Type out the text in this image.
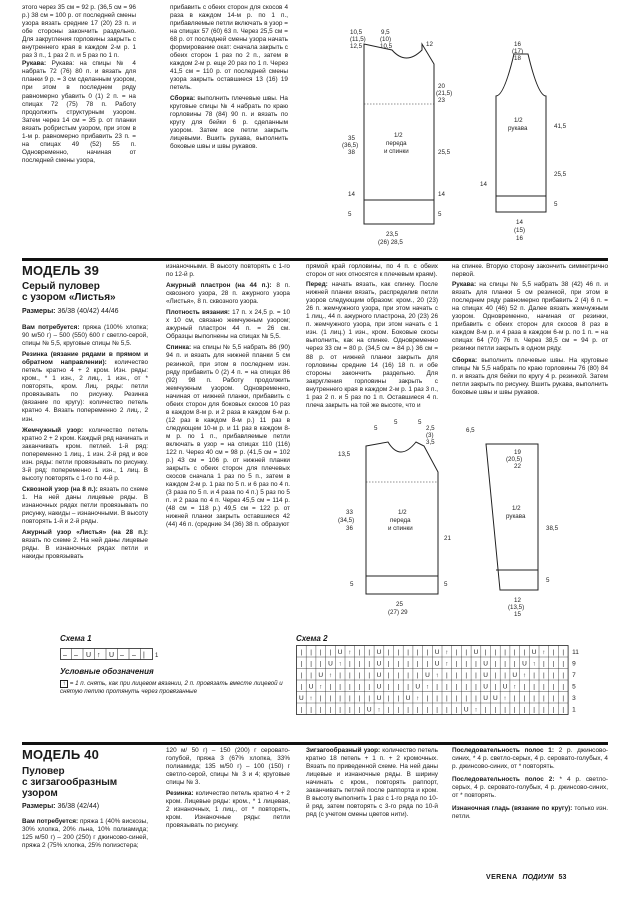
этого через 35 см = 92 р. (36,5 см = 96 р.) 38 см = 100 р. от последней смены узора вязать средние 17 (20) 23 п. и обе стороны закончить раздельно. Для закругления горловины закрыть с внутреннего края в каждом 2-м р. 1 раз 3 п., 1 раз 2 п. и 5 раз по 1 п.

Рукава: Рукава: на спицы № 4 набрать 72 (76) 80 п. и вязать для планки 9 р. = 3 см сделанным узором, при этом в последнем ряду равномерно убавить 0 (1) 2 п. = на спицах 72 (75) 78 п. Работу продолжить структурным узором. Затем через 14 см = 35 р. от планки вязать робристым узором, при этом в 1-м р. равномерно прибавить 23 п. = на спицах 49 (52) 55 п. Одновременно, начиная от последней смены узора,

прибавить с обеих сторон для скосов 4 раза в каждом 14-м р. по 1 п., прибавляемые петли включать в узор = на спицах 57 (60) 63 п. Через 25,5 см = 68 р. от последней смены узора начать формирование окат: сначала закрыть с обеих сторон 1 раз по 2 п., затем в каждом 2-м р. еще 20 раз по 1 п. Через 41,5 см = 110 р. от последней смены узора закрыть оставшиеся 13 (16) 19 петель.

Сборка: выполнить плечевые швы. На круговые спицы № 4 набрать по краю горловины 78 (84) 90 п. и вязать по кругу для бейки 6 р. сделанным узором. Затем все петли закрыть лицевыми. Вшить рукава, выполнить боковые швы и швы рукавов.

10,5
(11,5)
12,5
9,5
(10)
10,5	12
20
(21,5)
23
35
(36,5)
38
1/2
переда
и спинки	25,5
14	14
23,5
(26) 28,5
5	5
16
(17)
18
1/2
рукава	41,5
25,5
14
5
14
(15)
16
МОДЕЛЬ 39
Серый пуловер
с узором «Листья»
Размеры: 36/38 (40/42) 44/46

Вам потребуется: пряжа (100% хлопка; 90 м/50 г) – 500 (550) 600 г светло-серой, спицы № 5,5, круговые спицы № 5,5.

Резинка (вязание рядами в прямом и обратном направлении): количество петель кратно 4 + 2 кром. Изн. ряды: кром., * 1 изн., 2 лиц., 1 изн., от * повторять, кром. Лиц. ряды: петли провязывать по рисунку. Резинка (вязание по кругу): количество петель кратно 4. Вязать попеременно 2 лиц., 2 изн.

Жемчужный узор: количество петель кратно 2 + 2 кром. Каждый ряд начинать и заканчивать кром. петлей. 1-й ряд: попеременно 1 лиц., 1 изн. 2-й ряд и все изн. ряды: петли провязывать по рисунку. 3-й ряд: попеременно 1 изн., 1 лиц. В высоту повторять с 1-го по 4-й р.

Сквозной узор (на 8 п.): вязать по схеме 1. На ней даны лицевые ряды. В изнаночных рядах петли провязывать по рисунку, накиды – изнаночными. В высоту повторять 1-й и 2-й ряды.

Ажурный узор «Листья» (на 28 п.): вязать по схеме 2. На ней даны лицевые ряды. В изнаночных рядах петли и накиды провязывать

изнаночными. В высоту повторять с 1-го по 12-й р.

Ажурный пластрон (на 44 п.): 8 п. сквозного узора, 28 п. ажурного узора «Листья», 8 п. сквозного узора.

Плотность вязания: 17 п. x 24,5 р. = 10 x 10 см, связано жемчужным узором; ажурный пластрон 44 п. = 26 см. Образцы выполнены на спицах № 5,5.

Спинка: на спицы № 5,5 набрать 86 (90) 94 п. и вязать для нижней планки 5 см резинкой, при этом в последнем изн. ряду прибавить 0 (2) 4 п. = на спицах 86 (92) 98 п. Работу продолжить жемчужным узором. Одновременно, начиная от нижней планки, прибавить с обеих сторон для боковых скосов 10 раз в каждом 8-м р. и 2 раза в каждом 6-м р. (12 раз в каждом 8-м р.) 11 раз в следующем 10-м р. и 11 раз в каждом 8-м р. по 1 п., прибавляемые петли включать в узор = на спицах 110 (116) 122 п. Через 40 см = 98 р. (41,5 см = 102 р.) 43 см = 106 р. от нижней планки закрыть с обеих сторон для плечевых скосов сначала 1 раз по 5 п., затем в каждом 2-м р. 1 раз по 5 п. и 6 раз по 4 п. (3 раза по 5 п. и 4 раза по 4 п.) 5 раз по 5 п. и 2 раза по 4 п. Через 45,5 см = 114 р. (48 см = 118 р.) 49,5 см = 122 р. от нижней планки закрыть оставшиеся 42 (44) 46 п. (средние 34 (36) 38 п. образуют

прямой край горловины, по 4 п. с обеих сторон от них относятся к плечевым краям).

Перед: начать вязать, как спинку. После нижней планки вязать, распределив петли узоров следующим образом: кром., 20 (23) 26 п. жемчужного узора, при этом начать с 1 лиц., 44 п. ажурного пластрона, 20 (23) 26 п. жемчужного узора, при этом начать с 1 изн. (1 лиц.) 1 изн., кром. Боковые скосы выполнить, как на спинке. Одновременно через 33 см = 80 р. (34,5 см = 84 р.) 36 см = 88 р. от нижней планки закрыть для горловины средние 14 (16) 18 п. и обе стороны закончить раздельно. Для закругления горловины закрыть с внутреннего края в каждом 2-м р. 1 раз 3 п., 1 раз 2 п. и 5 раз по 1 п. Оставшиеся 4 п. плеча закрыть на той же высоте, что и

на спинке. Вторую сторону закончить симметрично первой.

Рукава: на спицы № 5,5 набрать 38 (42) 46 п. и вязать для планки 5 см резинкой, при этом в последнем ряду равномерно прибавить 2 (4) 6 п. = на спицах 40 (46) 52 п. Далее вязать жемчужным узором. Одновременно, начиная от резинки, прибавить с обеих сторон для скосов 8 раз в каждом 8-м р. и 4 раза в каждом 6-м р. по 1 п. = на спицах 64 (70) 76 п. Через 38,5 см = 94 р. от резинки петли закрыть в одном ряду.

Сборка: выполнить плечевые швы. На круговые спицы № 5,5 набрать по краю горловины 76 (80) 84 п. и вязать для бейки по кругу 4 р. резинкой. Затем петли закрыть по рисунку. Вшить рукава, выполнить боковые швы и швы рукавов.

5	5
5	2,5
(3)
3,5
13,5
1/2
переда
и спинки
33
(34,5)
36
21
5	5
25
(27) 29
6,5
19
(20,5)
22
1/2
рукава
38,5
5
12
(13,5)
15
Схема 1
– – U ↑ U – – | 1
Условные обозначения
↑ = 1 п. снять, как при лицевом вязании, 2 п. провязать вместе лицевой и снятую петлю протянуть через провязанные
Схема 2
| | | | U ↑ | | U | | | | | U ↑ | | U | | | | | U ↑ | |
| | | U ↑ | | | U | | | | | U ↑ | | | U | | | U ↑ | | |
| | U ↑ | | | | U | | | | U ↑ | | | | U | | U ↑ | | | |
| U ↑ | | | | | U | | | U ↑ | | | | | U | U ↑ | | | | |
U ↑ | | | | | | U | | U ↑ | | | | | | U U ↑ | | | | | |
| | | | | | | U ↑ | | | | | | | | U ↑ | | | | | | | | |
11
9
7
5
3
1
МОДЕЛЬ 40
Пуловер
с зигзагообразным
узором
Размеры: 36/38 (42/44)

Вам потребуется: пряжа 1 (40% вискозы, 30% хлопка, 20% льна, 10% полиамида; 125 м/50 г) – 200 (250) г джинсово-синей, пряжа 2 (75% хлопка, 25% полиэстера;

120 м/ 50 г) – 150 (200) г серовато-голубой, пряжа 3 (67% хлопка, 33% полиамида; 135 м/50 г) – 100 (150) г светло-серой, спицы № 3 и 4; круговые спицы № 3.

Резинка: количество петель кратно 4 + 2 кром. Лицевые ряды: кром., * 1 лицевая, 2 изнаночных, 1 лиц., от * повторять, кром. Изнаночные ряды: петли провязывать по рисунку.

Зигзагообразный узор: количество петель кратно 18 петель + 1 п. + 2 кромочных. Вязать по приведенной схеме. На ней даны лицевые и изнаночные ряды. В ширину начинать с кром., повторять раппорт, заканчивать петлей после раппорта и кром. В высоту выполнить 1 раз с 1-го ряда по 10-й ряд, затем повторять с 3-го ряда по 10-й ряд (с учетом смены цветов нити).

Последовательность полос 1: 2 р. джинсово-синих, * 4 р. светло-серых, 4 р. серовато-голубых, 4 р. джинсово-синих, от * повторять.

Последовательность полос 2: * 4 р. светло-серых, 4 р. серовато-голубых, 4 р. джинсово-синих, от * повторять.

Изнаночная гладь (вязание по кругу): только изн. петли.

VERENA ПОДИУМ 53
